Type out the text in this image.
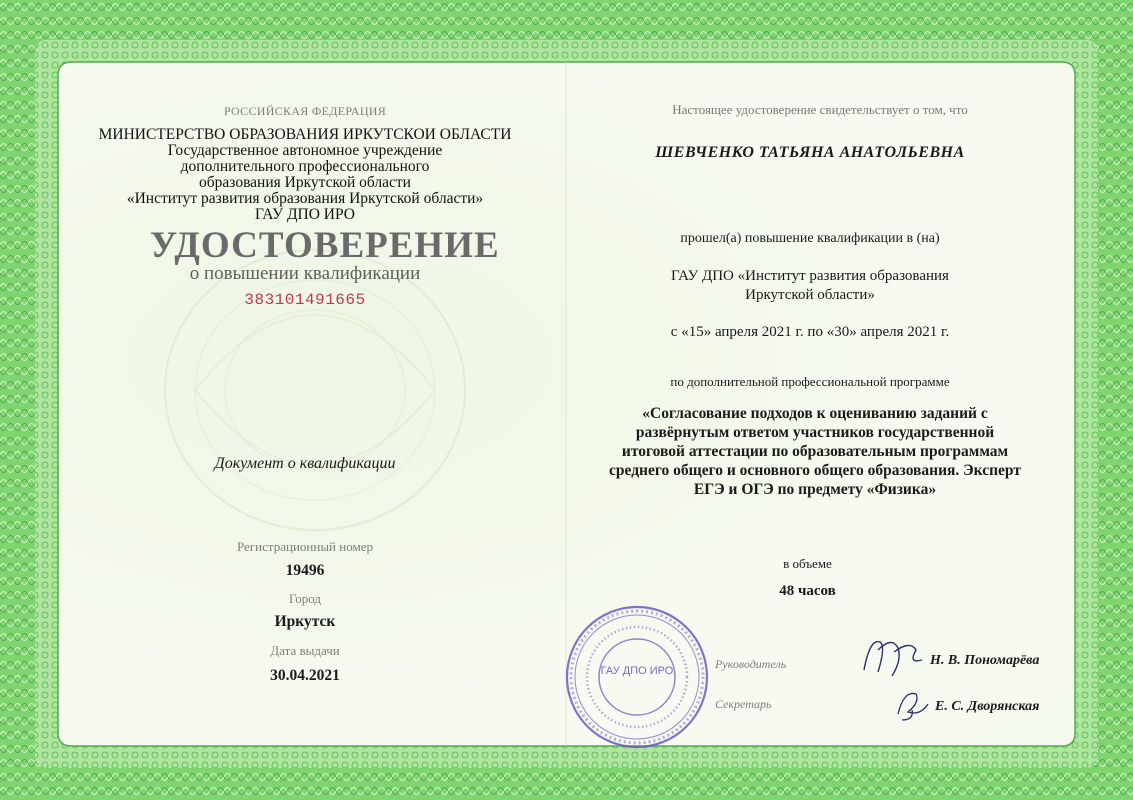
РОССИЙСКАЯ ФЕДЕРАЦИЯ
МИНИСТЕРСТВО ОБРАЗОВАНИЯ ИРКУТСКОИ ОБЛАСТИ
Государственное автономное учреждение
дополнительного профессионального
образования Иркутской области
«Институт развития образования Иркутской области»
ГАУ ДПО ИРО
УДОСТОВЕРЕНИЕ
о повышении квалификации
383101491665
Документ о квалификации
Регистрационный номер
19496
Город
Иркутск
Дата выдачи
30.04.2021
Настоящее удостоверение свидетельствует о том, что
ШЕВЧЕНКО ТАТЬЯНА АНАТОЛЬЕВНА
прошел(а) повышение квалификации в (на)
ГАУ ДПО «Институт развития образования
Иркутской области»
с «15» апреля 2021 г. по «30» апреля 2021 г.
по дополнительной профессиональной программе
«Согласование подходов к оцениванию заданий с
развёрнутым ответом участников государственной
итоговой аттестации по образовательным программам
среднего общего и основного общего образования. Эксперт
ЕГЭ и ОГЭ по предмету «Физика»
в объеме
48 часов
ГАУ ДПО ИРО	Руководитель	Н. В. Пономарёва
Секретарь	Е. С. Дворянская
